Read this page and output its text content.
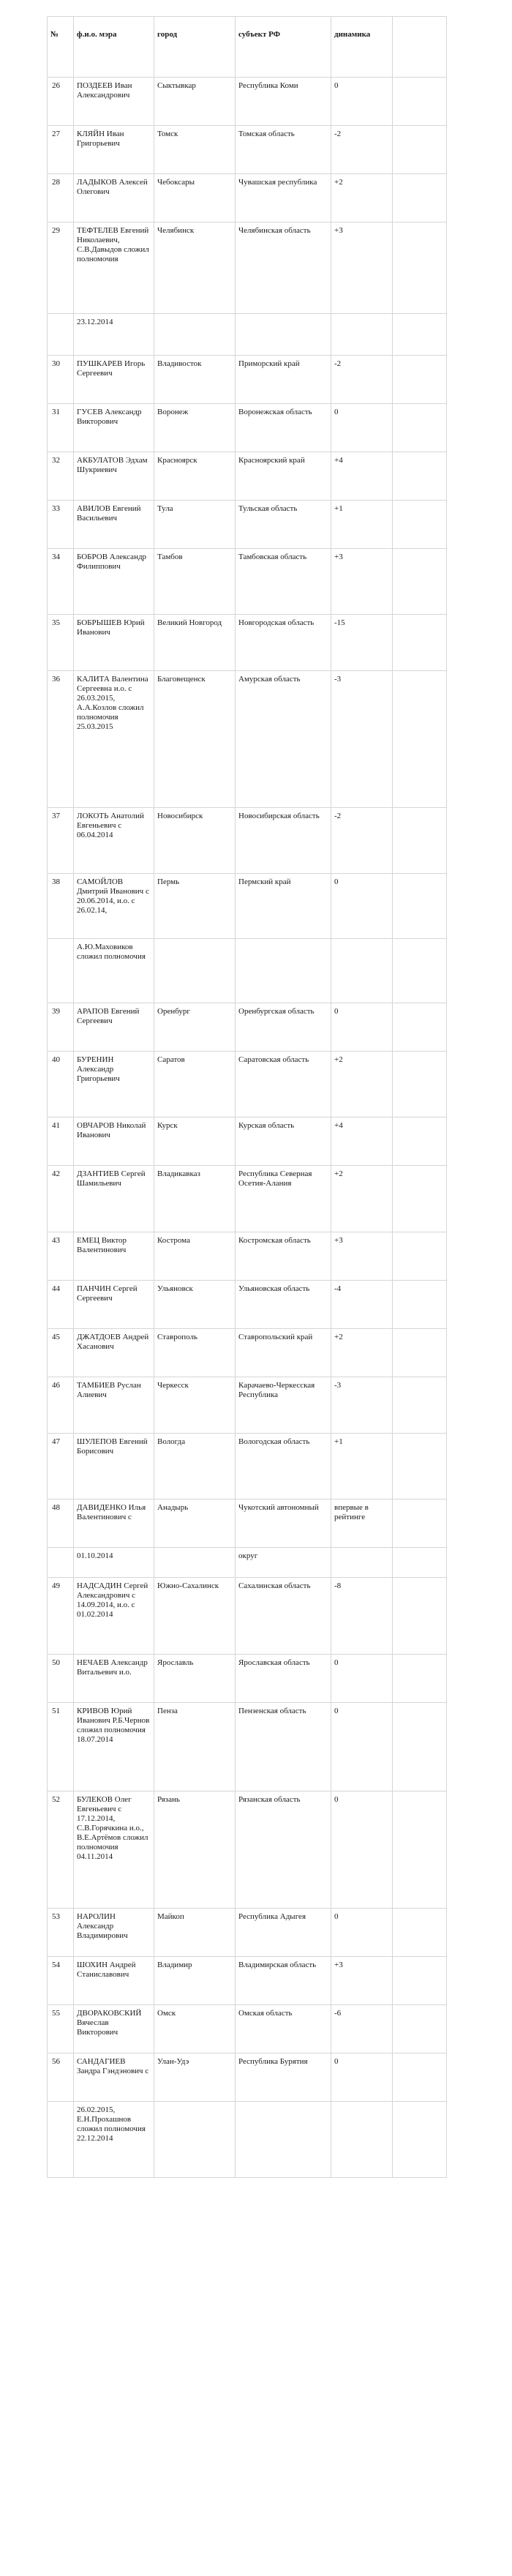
№	ф.и.о. мэра	город	субъект РФ	динамика	
26	ПОЗДЕЕВ Иван Александрович	Сыктывкар	Республика Коми	0	
27	КЛЯЙН Иван Григорьевич	Томск	Томская область	-2	
28	ЛАДЫКОВ Алексей Олегович	Чебоксары	Чувашская республика	+2	
29	ТЕФТЕЛЕВ Евгений Николаевич, С.В.Давыдов сложил полномочия	Челябинск	Челябинская область	+3	
	23.12.2014				
30	ПУШКАРЕВ Игорь Сергеевич	Владивосток	Приморский край	-2	
31	ГУСЕВ Александр Викторович	Воронеж	Воронежская область	0	
32	АКБУЛАТОВ Эдхам Шукриевич	Красноярск	Красноярский край	+4	
33	АВИЛОВ Евгений Васильевич	Тула	Тульская область	+1	
34	БОБРОВ Александр Филиппович	Тамбов	Тамбовская область	+3	
35	БОБРЫШЕВ Юрий Иванович	Великий Новгород	Новгородская область	-15	
36	КАЛИТА Валентина Сергеевна и.о. с 26.03.2015, А.А.Козлов сложил полномочия 25.03.2015	Благовещенск	Амурская область	-3	
37	ЛОКОТЬ Анатолий Евгеньевич с 06.04.2014	Новосибирск	Новосибирская область	-2	
38	САМОЙЛОВ Дмитрий Иванович с 20.06.2014, и.о. с 26.02.14,	Пермь	Пермский край	0	
	А.Ю.Маховиков сложил полномочия				
39	АРАПОВ Евгений Сергеевич	Оренбург	Оренбургская область	0	
40	БУРЕНИН Александр Григорьевич	Саратов	Саратовская область	+2	
41	ОВЧАРОВ Николай Иванович	Курск	Курская область	+4	
42	ДЗАНТИЕВ Сергей Шамильевич	Владикавказ	Республика Северная Осетия-Алания	+2	
43	ЕМЕЦ Виктор Валентинович	Кострома	Костромская область	+3	
44	ПАНЧИН Сергей Сергеевич	Ульяновск	Ульяновская область	-4	
45	ДЖАТДОЕВ Андрей Хасанович	Ставрополь	Ставропольский край	+2	
46	ТАМБИЕВ Руслан Алиевич	Черкесск	Карачаево-Черкесская Республика	-3	
47	ШУЛЕПОВ Евгений Борисович	Вологда	Вологодская область	+1	
48	ДАВИДЕНКО Илья Валентинович с	Анадырь	Чукотский автономный	впервые в рейтинге	
	01.10.2014		округ		
49	НАДСАДИН Сергей Александрович с 14.09.2014, и.о. с 01.02.2014	Южно-Сахалинск	Сахалинская область	-8	
50	НЕЧАЕВ Александр Витальевич и.о.	Ярославль	Ярославская область	0	
51	КРИВОВ Юрий Иванович Р.Б.Чернов сложил полномочия 18.07.2014	Пенза	Пензенская область	0	
52	БУЛЕКОВ Олег Евгеньевич с 17.12.2014, С.В.Горячкина и.о., В.Е.Артёмов сложил полномочия 04.11.2014	Рязань	Рязанская область	0	
53	НАРОЛИН Александр Владимирович	Майкоп	Республика Адыгея	0	
54	ШОХИН Андрей Станиславович	Владимир	Владимирская область	+3	
55	ДВОРАКОВСКИЙ Вячеслав Викторович	Омск	Омская область	-6	
56	САНДАГИЕВ Зандра Гэндэнович с	Улан-Удэ	Республика Бурятия	0	
	26.02.2015, Е.Н.Прохашнов сложил полномочия 22.12.2014				
